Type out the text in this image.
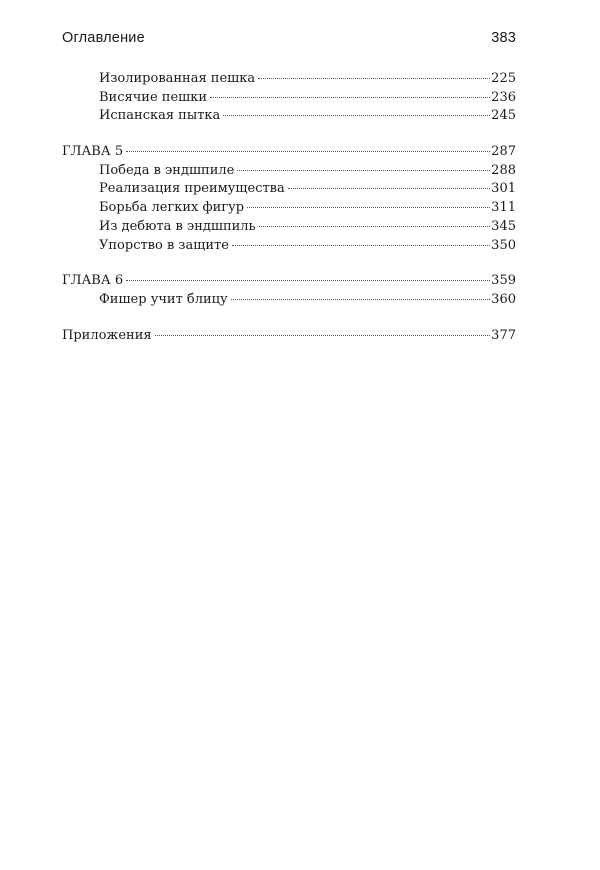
Оглавление	383
Изолированная пешка	225
Висячие пешки	236
Испанская пытка	245
ГЛАВА 5	287
Победа в эндшпиле	288
Реализация преимущества	301
Борьба легких фигур	311
Из дебюта в эндшпиль	345
Упорство в защите	350
ГЛАВА 6	359
Фишер учит блицу	360
Приложения	377
